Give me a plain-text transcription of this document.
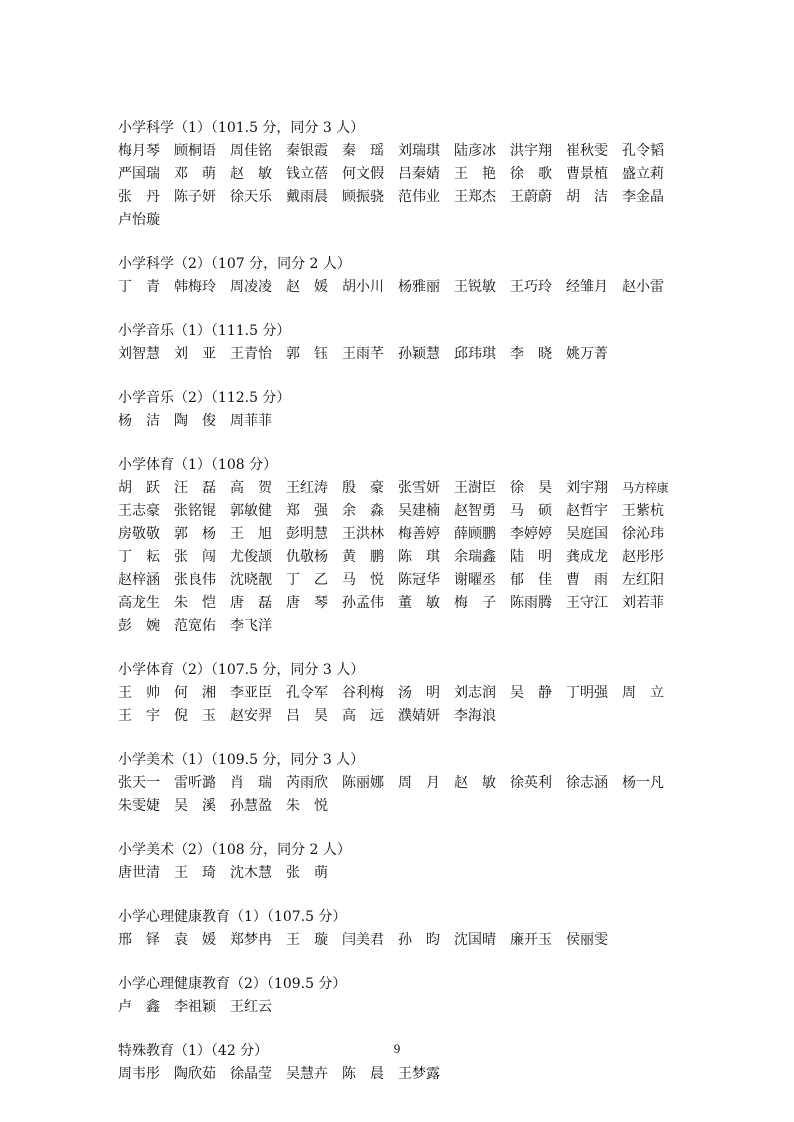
小学科学（1）（101.5 分，同分 3 人）
梅月琴	顾桐语	周佳铭	秦银霞	秦　瑶	刘瑞琪	陆彦冰	洪宇翔	崔秋雯	孔令韬
严国瑞	邓　萌	赵　敏	钱立蓓	何文假	吕秦婧	王　艳	徐　歌	曹景植	盛立莉
张　丹	陈子妍	徐天乐	戴雨晨	顾振骁	范伟业	王郑杰	王蔚蔚	胡　洁	李金晶
卢怡璇
小学科学（2）（107 分，同分 2 人）
丁　青	韩梅玲	周凌凌	赵　媛	胡小川	杨雅丽	王锐敏	王巧玲	经雏月	赵小雷
小学音乐（1）（111.5 分）
刘智慧	刘　亚	王青怡	郭　钰	王雨芊	孙颖慧	邱玮琪	李　晓	姚万菁
小学音乐（2）（112.5 分）
杨　洁	陶　俊	周菲菲
小学体育（1）（108 分）
胡　跃	汪　磊	高　贺	王红涛	殷　豪	张雪妍	王澍臣	徐　昊	刘宇翔	马方梓康
王志豪	张铭锟	郭敏健	郑　强	余　淼	吴建楠	赵智勇	马　硕	赵哲宇	王紫杭
房敬敬	郭　杨	王　旭	彭明慧	王洪林	梅善婷	薛顾鹏	李婷婷	吴庭国	徐沁玮
丁　耘	张　闯	尤俊颉	仇敬杨	黄　鹏	陈　琪	余瑞鑫	陆　明	龚成龙	赵彤彤
赵梓涵	张良伟	沈晓靓	丁　乙	马　悦	陈冠华	谢曜丞	郁　佳	曹　雨	左红阳
高龙生	朱　恺	唐　磊	唐　琴	孙孟伟	董　敏	梅　子	陈雨腾	王守江	刘若菲
彭　婉	范宽佑	李飞洋
小学体育（2）（107.5 分，同分 3 人）
王　帅	何　湘	李亚臣	孔令军	谷利梅	汤　明	刘志润	吴　静	丁明强	周　立
王　宇	倪　玉	赵安羿	吕　昊	高　远	濮婧妍	李海浪
小学美术（1）（109.5 分，同分 3 人）
张天一	雷听潞	肖　瑞	芮雨欣	陈丽娜	周　月	赵　敏	徐英利	徐志涵	杨一凡
朱雯婕	吴　溪	孙慧盈	朱　悦
小学美术（2）（108 分，同分 2 人）
唐世清	王　琦	沈木慧	张　萌
小学心理健康教育（1）（107.5 分）
邢　铎	袁　媛	郑梦冉	王　璇	闫美君	孙　昀	沈国晴	廉开玉	侯丽雯
小学心理健康教育（2）（109.5 分）
卢　鑫	李祖颖	王红云
特殊教育（1）（42 分）
周韦彤	陶欣茹	徐晶莹	吴慧卉	陈　晨	王梦露
9
